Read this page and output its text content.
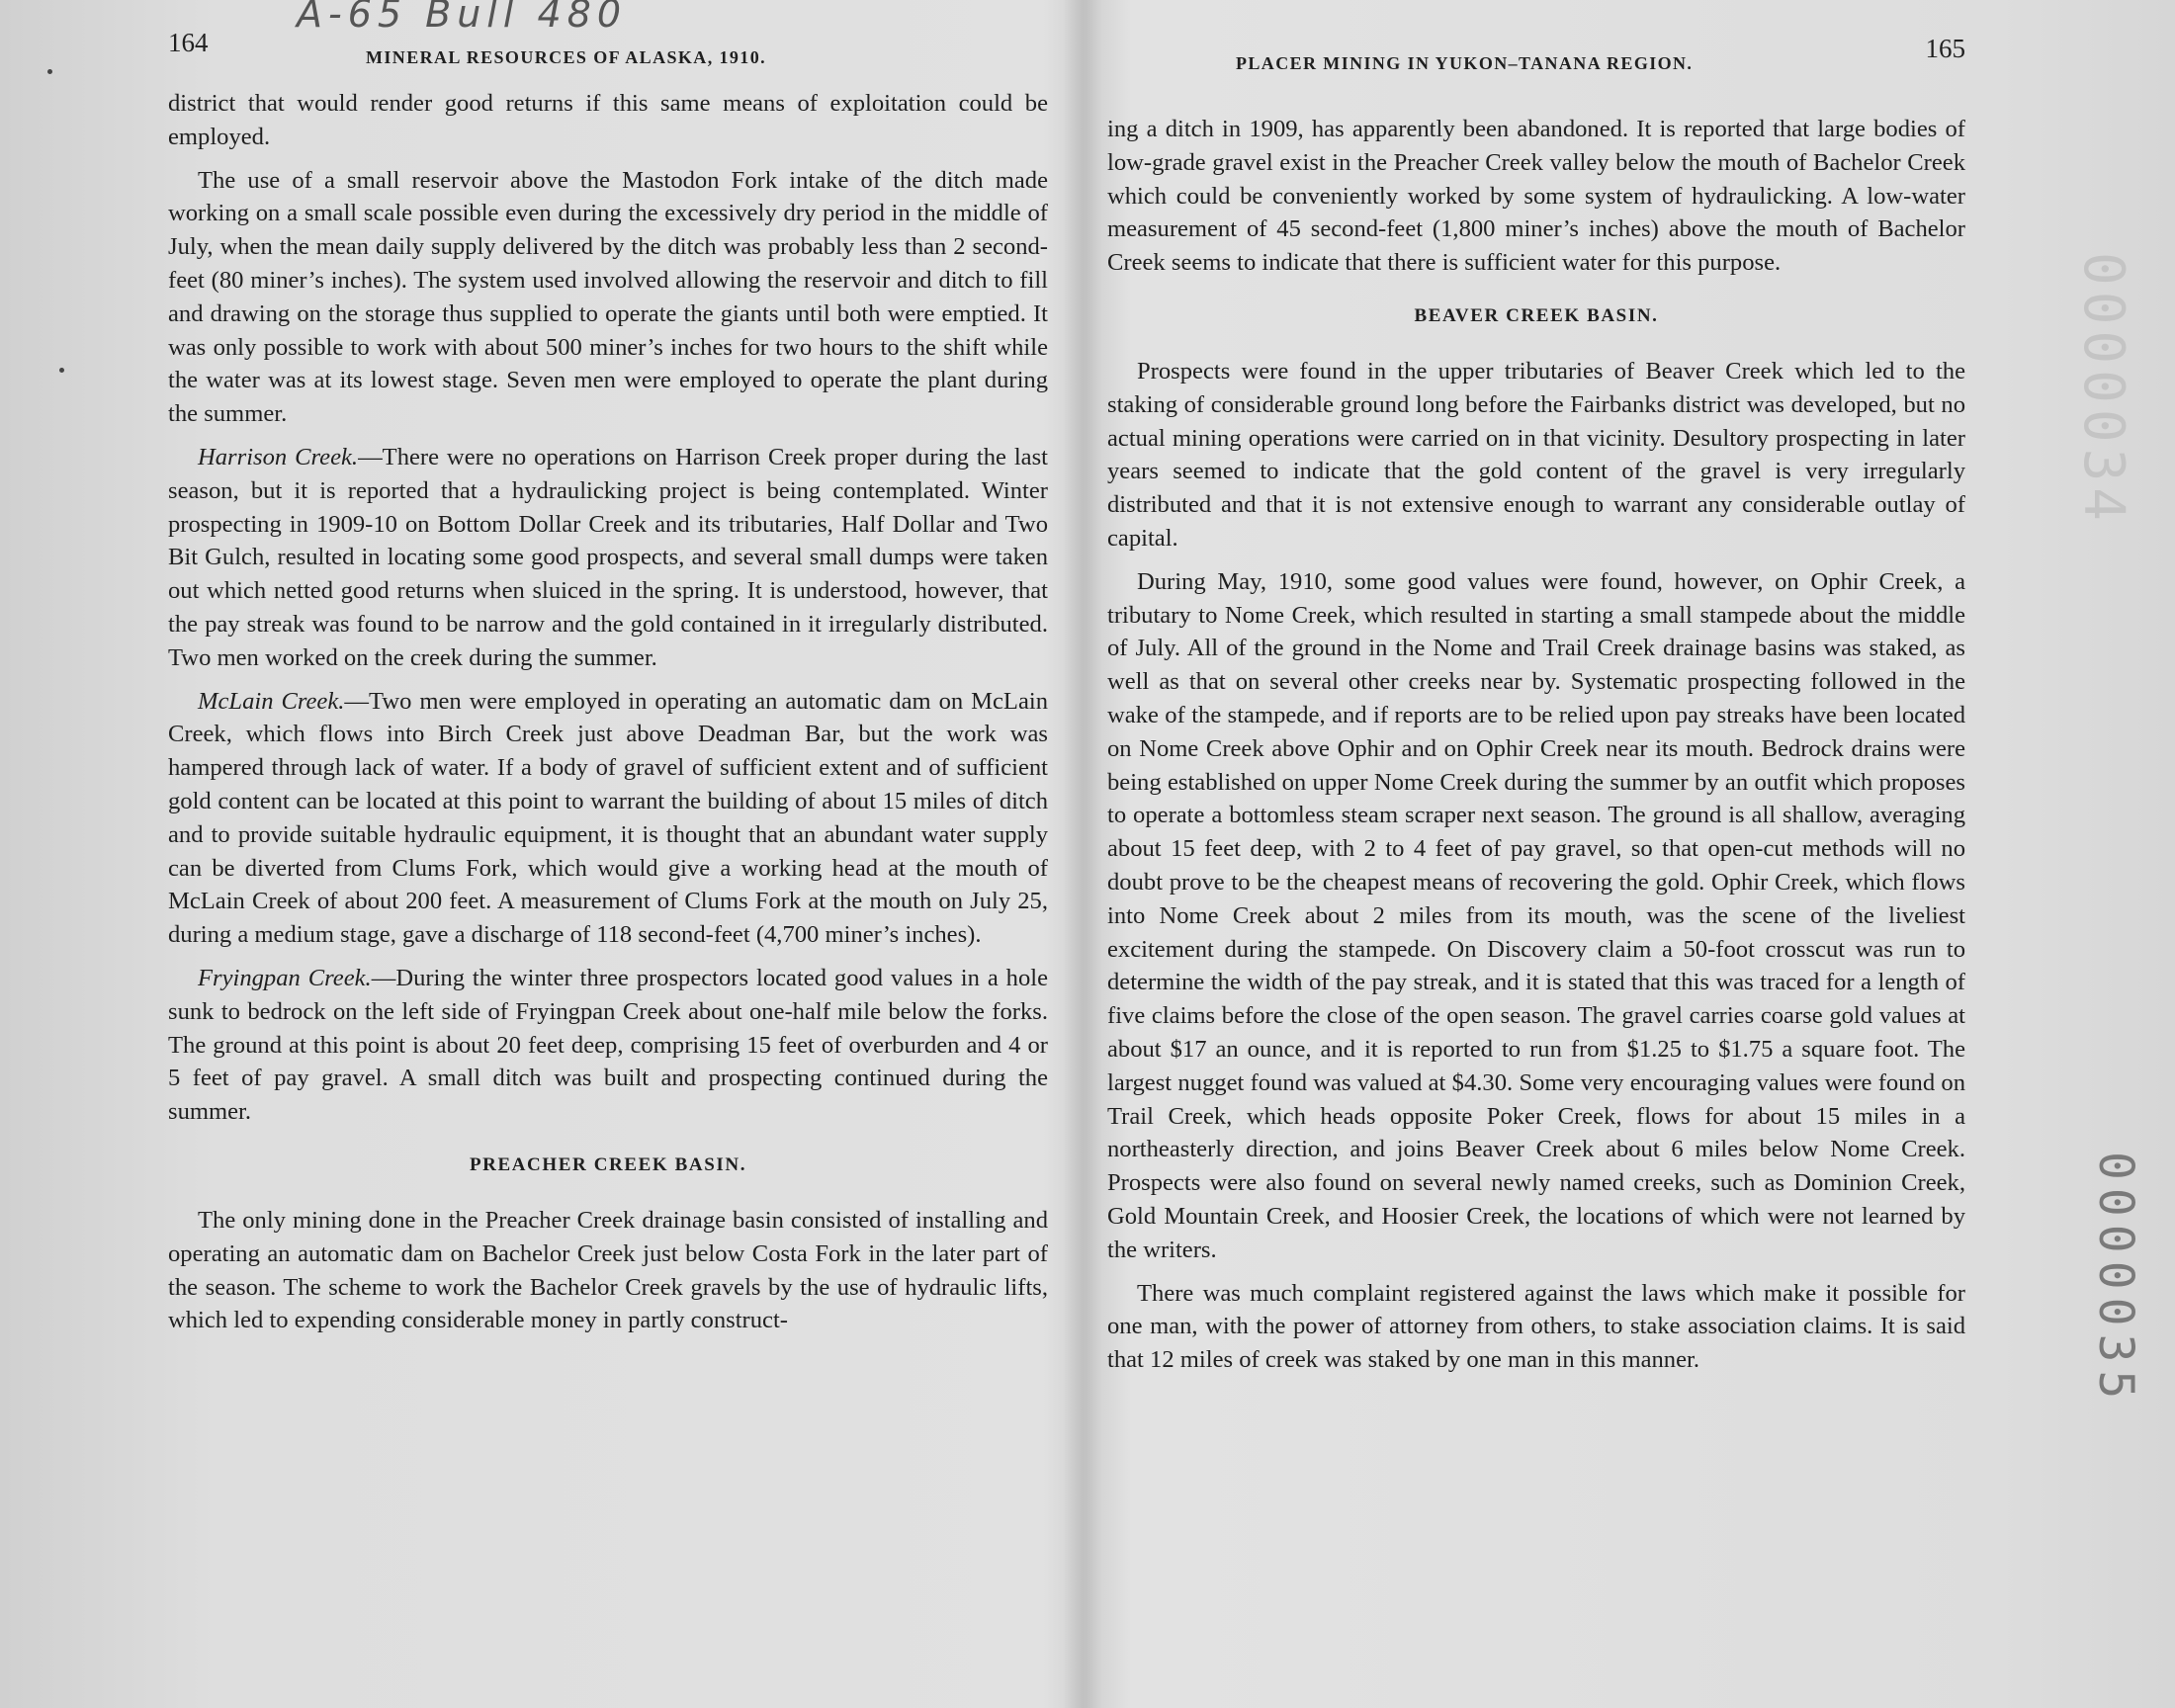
A-65 Bull 480
164	MINERAL RESOURCES OF ALASKA, 1910.

district that would render good returns if this same means of exploitation could be employed.

The use of a small reservoir above the Mastodon Fork intake of the ditch made working on a small scale possible even during the excessively dry period in the middle of July, when the mean daily supply delivered by the ditch was probably less than 2 second-feet (80 miner’s inches). The system used involved allowing the reservoir and ditch to fill and drawing on the storage thus supplied to operate the giants until both were emptied. It was only possible to work with about 500 miner’s inches for two hours to the shift while the water was at its lowest stage. Seven men were employed to operate the plant during the summer.

Harrison Creek.—There were no operations on Harrison Creek proper during the last season, but it is reported that a hydraulicking project is being contemplated. Winter prospecting in 1909-10 on Bottom Dollar Creek and its tributaries, Half Dollar and Two Bit Gulch, resulted in locating some good prospects, and several small dumps were taken out which netted good returns when sluiced in the spring. It is understood, however, that the pay streak was found to be narrow and the gold contained in it irregularly distributed. Two men worked on the creek during the summer.

McLain Creek.—Two men were employed in operating an automatic dam on McLain Creek, which flows into Birch Creek just above Deadman Bar, but the work was hampered through lack of water. If a body of gravel of sufficient extent and of sufficient gold content can be located at this point to warrant the building of about 15 miles of ditch and to provide suitable hydraulic equipment, it is thought that an abundant water supply can be diverted from Clums Fork, which would give a working head at the mouth of McLain Creek of about 200 feet. A measurement of Clums Fork at the mouth on July 25, during a medium stage, gave a discharge of 118 second-feet (4,700 miner’s inches).

Fryingpan Creek.—During the winter three prospectors located good values in a hole sunk to bedrock on the left side of Fryingpan Creek about one-half mile below the forks. The ground at this point is about 20 feet deep, comprising 15 feet of overburden and 4 or 5 feet of pay gravel. A small ditch was built and prospecting continued during the summer.

PREACHER CREEK BASIN.

The only mining done in the Preacher Creek drainage basin consisted of installing and operating an automatic dam on Bachelor Creek just below Costa Fork in the later part of the season. The scheme to work the Bachelor Creek gravels by the use of hydraulic lifts, which led to expending considerable money in partly construct-

PLACER MINING IN YUKON–TANANA REGION.	165

ing a ditch in 1909, has apparently been abandoned. It is reported that large bodies of low-grade gravel exist in the Preacher Creek valley below the mouth of Bachelor Creek which could be conveniently worked by some system of hydraulicking. A low-water measurement of 45 second-feet (1,800 miner’s inches) above the mouth of Bachelor Creek seems to indicate that there is sufficient water for this purpose.

BEAVER CREEK BASIN.

Prospects were found in the upper tributaries of Beaver Creek which led to the staking of considerable ground long before the Fairbanks district was developed, but no actual mining operations were carried on in that vicinity. Desultory prospecting in later years seemed to indicate that the gold content of the gravel is very irregularly distributed and that it is not extensive enough to warrant any considerable outlay of capital.

During May, 1910, some good values were found, however, on Ophir Creek, a tributary to Nome Creek, which resulted in starting a small stampede about the middle of July. All of the ground in the Nome and Trail Creek drainage basins was staked, as well as that on several other creeks near by. Systematic prospecting followed in the wake of the stampede, and if reports are to be relied upon pay streaks have been located on Nome Creek above Ophir and on Ophir Creek near its mouth. Bedrock drains were being established on upper Nome Creek during the summer by an outfit which proposes to operate a bottomless steam scraper next season. The ground is all shallow, averaging about 15 feet deep, with 2 to 4 feet of pay gravel, so that open-cut methods will no doubt prove to be the cheapest means of recovering the gold. Ophir Creek, which flows into Nome Creek about 2 miles from its mouth, was the scene of the liveliest excitement during the stampede. On Discovery claim a 50-foot crosscut was run to determine the width of the pay streak, and it is stated that this was traced for a length of five claims before the close of the open season. The gravel carries coarse gold values at about $17 an ounce, and it is reported to run from $1.25 to $1.75 a square foot. The largest nugget found was valued at $4.30. Some very encouraging values were found on Trail Creek, which heads opposite Poker Creek, flows for about 15 miles in a northeasterly direction, and joins Beaver Creek about 6 miles below Nome Creek. Prospects were also found on several newly named creeks, such as Dominion Creek, Gold Mountain Creek, and Hoosier Creek, the locations of which were not learned by the writers.

There was much complaint registered against the laws which make it possible for one man, with the power of attorney from others, to stake association claims. It is said that 12 miles of creek was staked by one man in this manner.

0000034
0000035
